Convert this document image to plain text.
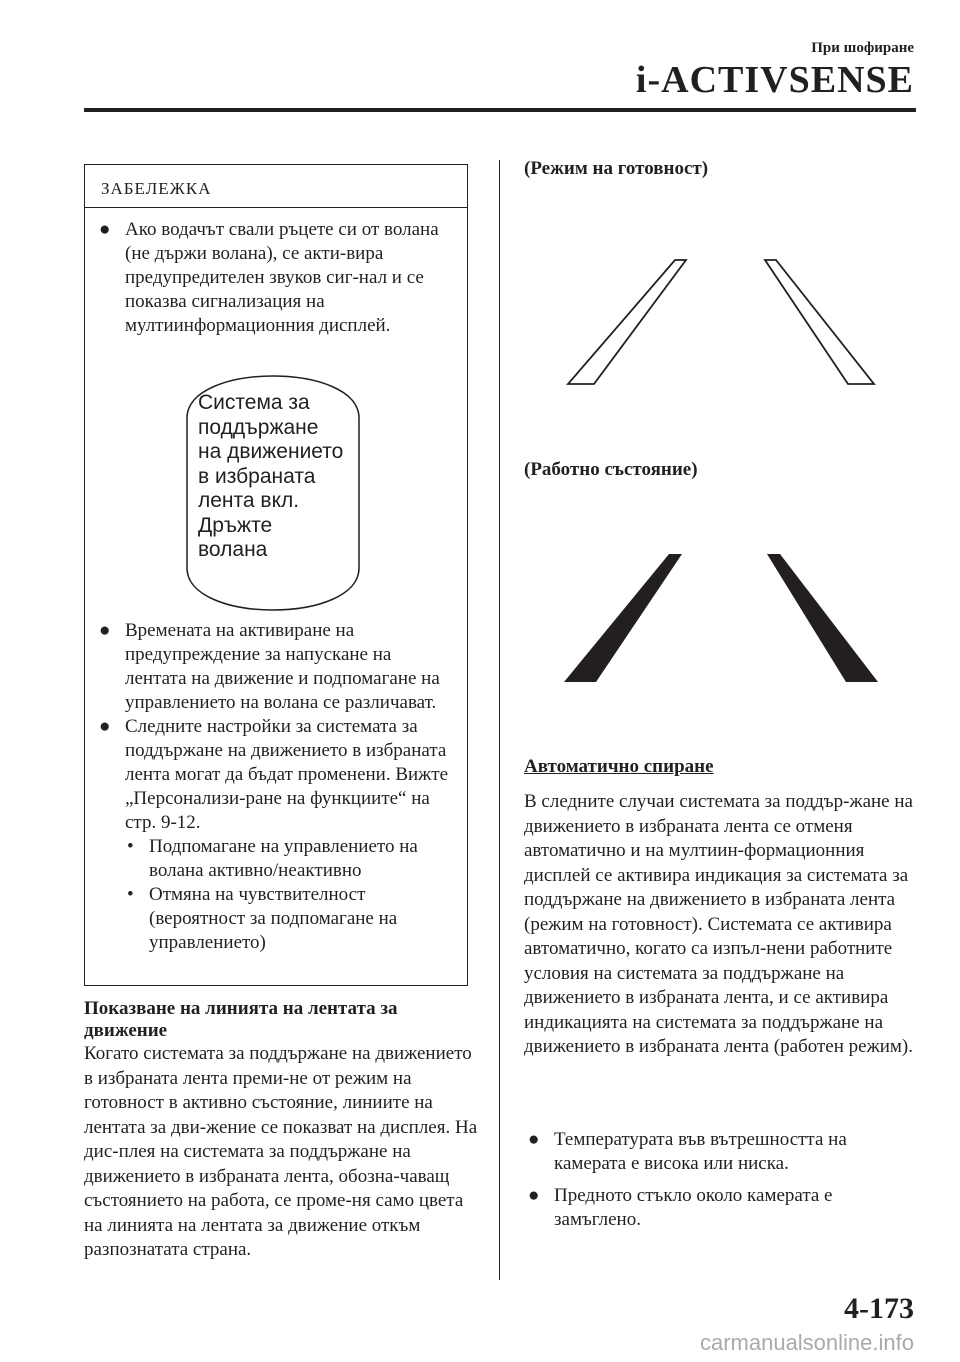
При шофиране
i-ACTIVSENSE
ЗАБЕЛЕЖКА
● Ако водачът свали ръцете си от волана (не държи волана), се акти-вира предупредителен звуков сиг-нал и се показва сигнализация на мултиинформационния дисплей.
Система за
поддържане
на движението
в избраната
лента вкл.
Дръжте
волана
● Времената на активиране на предупреждение за напускане на лентата на движение и подпомагане на управлението на волана се различават.
● Следните настройки за системата за поддържане на движението в избраната лента могат да бъдат променени. Вижте „Персонализи-ране на функциите“ на стр. 9-12.
• Подпомагане на управлението на волана активно/неактивно
• Отмяна на чувствителност (вероятност за подпомагане на управлението)
Показване на линията на лентата за движение
Когато системата за поддържане на движението в избраната лента преми-не от режим на готовност в активно състояние, линиите на лентата за дви-жение се показват на дисплея. На дис-плея на системата за поддържане на движението в избраната лента, обозна-чаващ състоянието на работа, се проме-ня само цвета на линията на лентата за движение откъм разпознатата страна.
(Режим на готовност)
(Работно състояние)
Автоматично спиране
В следните случаи системата за поддър-жане на движението в избраната лента се отменя автоматично и на мултиин-формационния дисплей се активира индикация за системата за поддържане на движението в избраната лента (режим на готовност). Системата се активира автоматично, когато са изпъл-нени работните условия на системата за поддържане на движението в избраната лента, и се активира индикацията на системата за поддържане на движението в избраната лента (работен режим).
● Температурата във вътрешността на камерата е висока или ниска.
● Предното стъкло около камерата е замъглено.
4-173
carmanualsonline.info
